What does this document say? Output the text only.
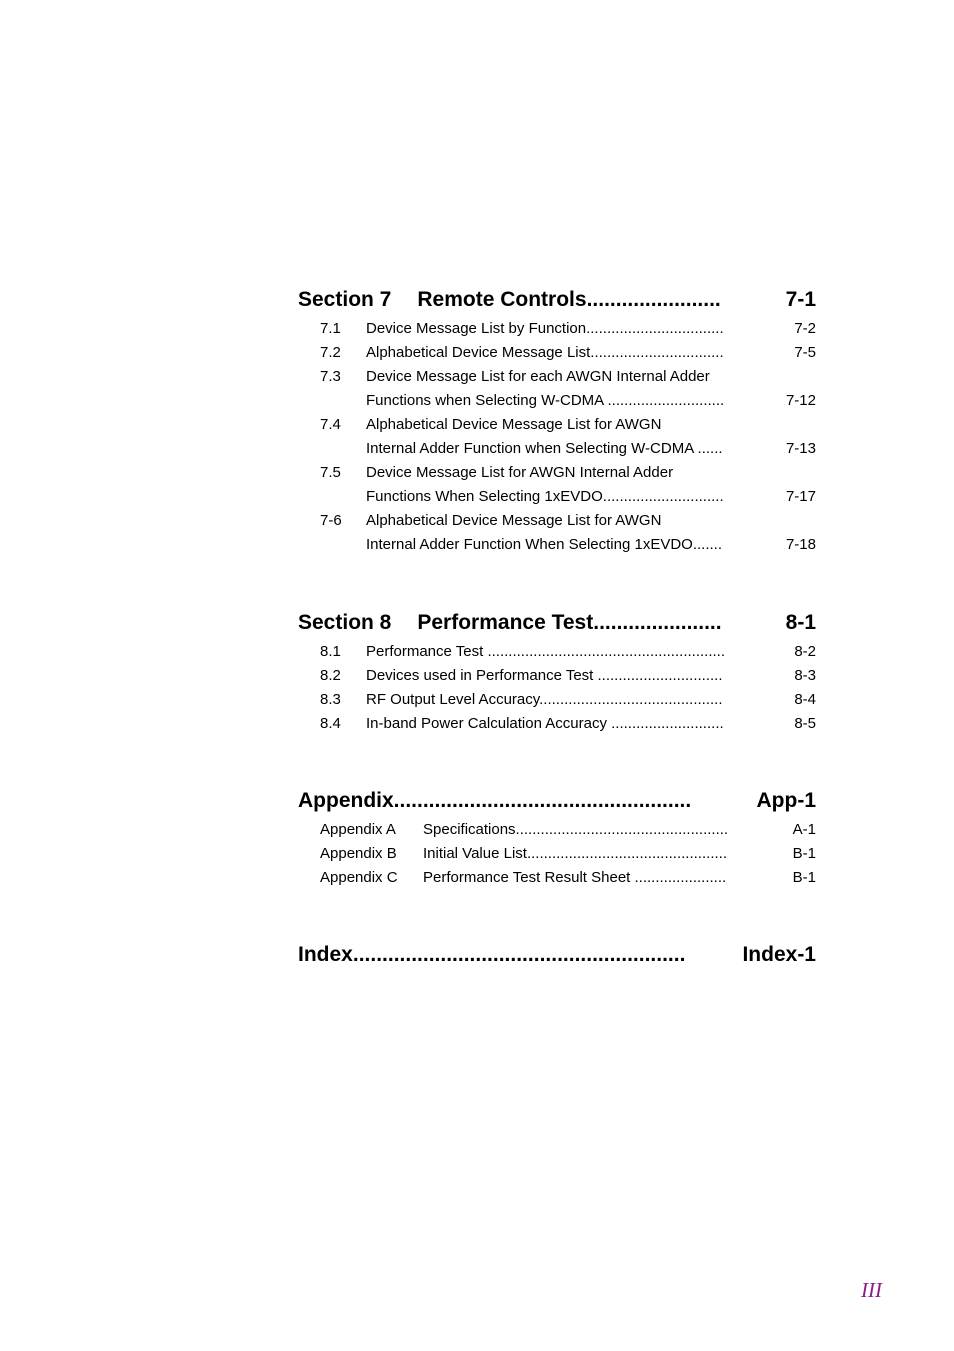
Section 7 Remote Controls.......................	7-1
7.1 Device Message List by Function.................................	7-2
7.2 Alphabetical Device Message List................................	7-5
7.3 Device Message List for each AWGN Internal Adder
Functions when Selecting W-CDMA ............................	7-12
7.4 Alphabetical Device Message List for AWGN
Internal Adder Function when Selecting W-CDMA ......	7-13
7.5 Device Message List for AWGN Internal Adder
Functions When Selecting 1xEVDO.............................	7-17
7-6 Alphabetical Device Message List for AWGN
Internal Adder Function When Selecting 1xEVDO.......	7-18
Section 8 Performance Test......................	8-1
8.1 Performance Test .........................................................	8-2
8.2 Devices used in Performance Test ..............................	8-3
8.3 RF Output Level Accuracy............................................	8-4
8.4 In-band Power Calculation Accuracy ...........................	8-5
Appendix...................................................	App-1
Appendix A Specifications...................................................	A-1
Appendix B Initial Value List................................................	B-1
Appendix C Performance Test Result Sheet ......................	B-1
Index.........................................................	Index-1
III
